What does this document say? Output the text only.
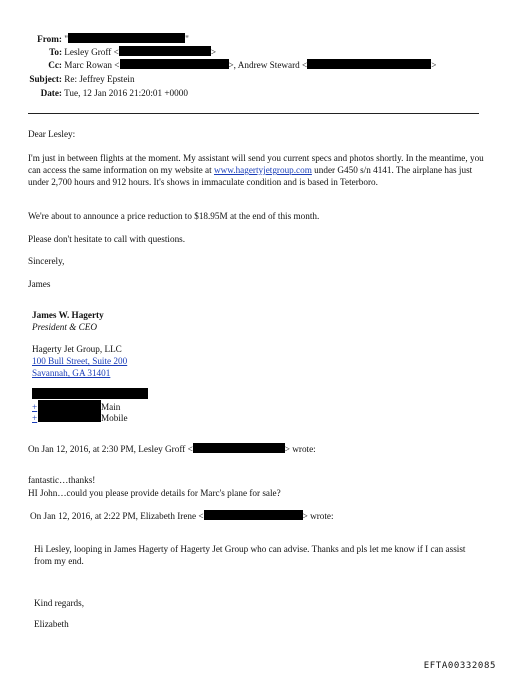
From: "	"
To: Lesley Groff <	>
Cc: Marc Rowan <	>, Andrew Steward <	>
Subject: Re: Jeffrey Epstein
Date: Tue, 12 Jan 2016 21:20:01 +0000
Dear Lesley:
I'm just in between flights at the moment. My assistant will send you current specs and photos shortly. In the meantime, you can access the same information on my website at www.hagertyjetgroup.com under G450 s/n 4141. The airplane has just under 2,700 hours and 912 hours. It's shows in immaculate condition and is based in Teterboro.
We're about to announce a price reduction to $18.95M at the end of this month.
Please don't hesitate to call with questions.
Sincerely,
James
James W. Hagerty
President & CEO
Hagerty Jet Group, LLC
100 Bull Street, Suite 200
Savannah, GA 31401
+	Main
+	Mobile
On Jan 12, 2016, at 2:30 PM, Lesley Groff <	> wrote:
fantastic…thanks!
HI John…could you please provide details for Marc's plane for sale?
On Jan 12, 2016, at 2:22 PM, Elizabeth Irene <	> wrote:
Hi Lesley, looping in James Hagerty of Hagerty Jet Group who can advise. Thanks and pls let me know if I can assist from my end.
Kind regards,
Elizabeth
EFTA00332085
